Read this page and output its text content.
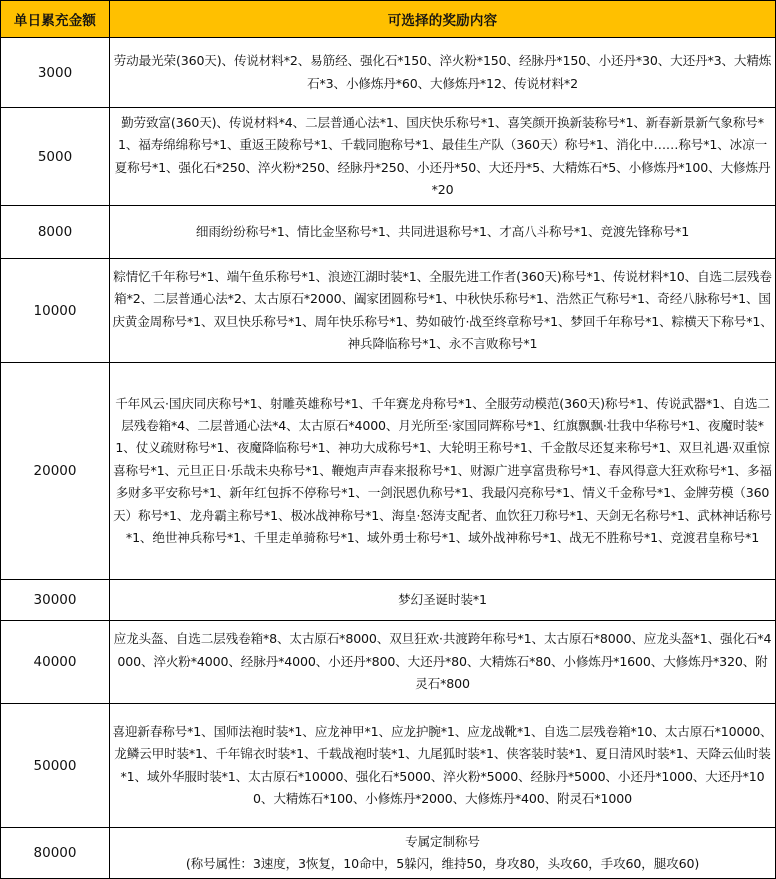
单日累充金额	可选择的奖励内容
3000	劳动最光荣(360天)、传说材料*2、易筋经、强化石*150、淬火粉*150、经脉丹*150、小还丹*30、大还丹*3、大精炼石*3、小修炼丹*60、大修炼丹*12、传说材料*2
5000	勤劳致富(360天)、传说材料*4、二层普通心法*1、国庆快乐称号*1、喜笑颜开换新装称号*1、新春新景新气象称号*1、福寿绵绵称号*1、重返王陵称号*1、千载同胞称号*1、最佳生产队（360天）称号*1、消化中……称号*1、冰凉一夏称号*1、强化石*250、淬火粉*250、经脉丹*250、小还丹*50、大还丹*5、大精炼石*5、小修炼丹*100、大修炼丹*20
8000	细雨纷纷称号*1、情比金坚称号*1、共同进退称号*1、才高八斗称号*1、竞渡先锋称号*1
10000	粽情忆千年称号*1、端午鱼乐称号*1、浪迹江湖时装*1、全服先进工作者(360天)称号*1、传说材料*10、自选二层残卷箱*2、二层普通心法*2、太古原石*2000、阖家团圆称号*1、中秋快乐称号*1、浩然正气称号*1、奇经八脉称号*1、国庆黄金周称号*1、双旦快乐称号*1、周年快乐称号*1、势如破竹·战至终章称号*1、梦回千年称号*1、粽横天下称号*1、神兵降临称号*1、永不言败称号*1
20000	千年风云·国庆同庆称号*1、射雕英雄称号*1、千年赛龙舟称号*1、全服劳动模范(360天)称号*1、传说武器*1、自选二层残卷箱*4、二层普通心法*4、太古原石*4000、月光所至·家国同辉称号*1、红旗飘飘·壮我中华称号*1、夜魔时装*1、仗义疏财称号*1、夜魔降临称号*1、神功大成称号*1、大轮明王称号*1、千金散尽还复来称号*1、双旦礼遇·双重惊喜称号*1、元旦正日·乐哉未央称号*1、鞭炮声声春来报称号*1、财源广进享富贵称号*1、春风得意大狂欢称号*1、多福多财多平安称号*1、新年红包拆不停称号*1、一剑泯恩仇称号*1、我最闪亮称号*1、情义千金称号*1、金牌劳模（360天）称号*1、龙舟霸主称号*1、极冰战神称号*1、海皇·怒涛支配者、血饮狂刀称号*1、天剑无名称号*1、武林神话称号*1、绝世神兵称号*1、千里走单骑称号*1、域外勇士称号*1、域外战神称号*1、战无不胜称号*1、竞渡君皇称号*1
30000	梦幻圣诞时装*1
40000	应龙头盔、自选二层残卷箱*8、太古原石*8000、双旦狂欢·共渡跨年称号*1、太古原石*8000、应龙头盔*1、强化石*4000、淬火粉*4000、经脉丹*4000、小还丹*800、大还丹*80、大精炼石*80、小修炼丹*1600、大修炼丹*320、附灵石*800
50000	喜迎新春称号*1、国师法袍时装*1、应龙神甲*1、应龙护腕*1、应龙战靴*1、自选二层残卷箱*10、太古原石*10000、龙鳞云甲时装*1、千年锦衣时装*1、千载战袍时装*1、九尾狐时装*1、侠客装时装*1、夏日清风时装*1、天降云仙时装*1、域外华服时装*1、太古原石*10000、强化石*5000、淬火粉*5000、经脉丹*5000、小还丹*1000、大还丹*100、大精炼石*100、小修炼丹*2000、大修炼丹*400、附灵石*1000
80000	专属定制称号
(称号属性：3速度，3恢复，10命中，5躲闪，维持50，身攻80，头攻60，手攻60，腿攻60)
